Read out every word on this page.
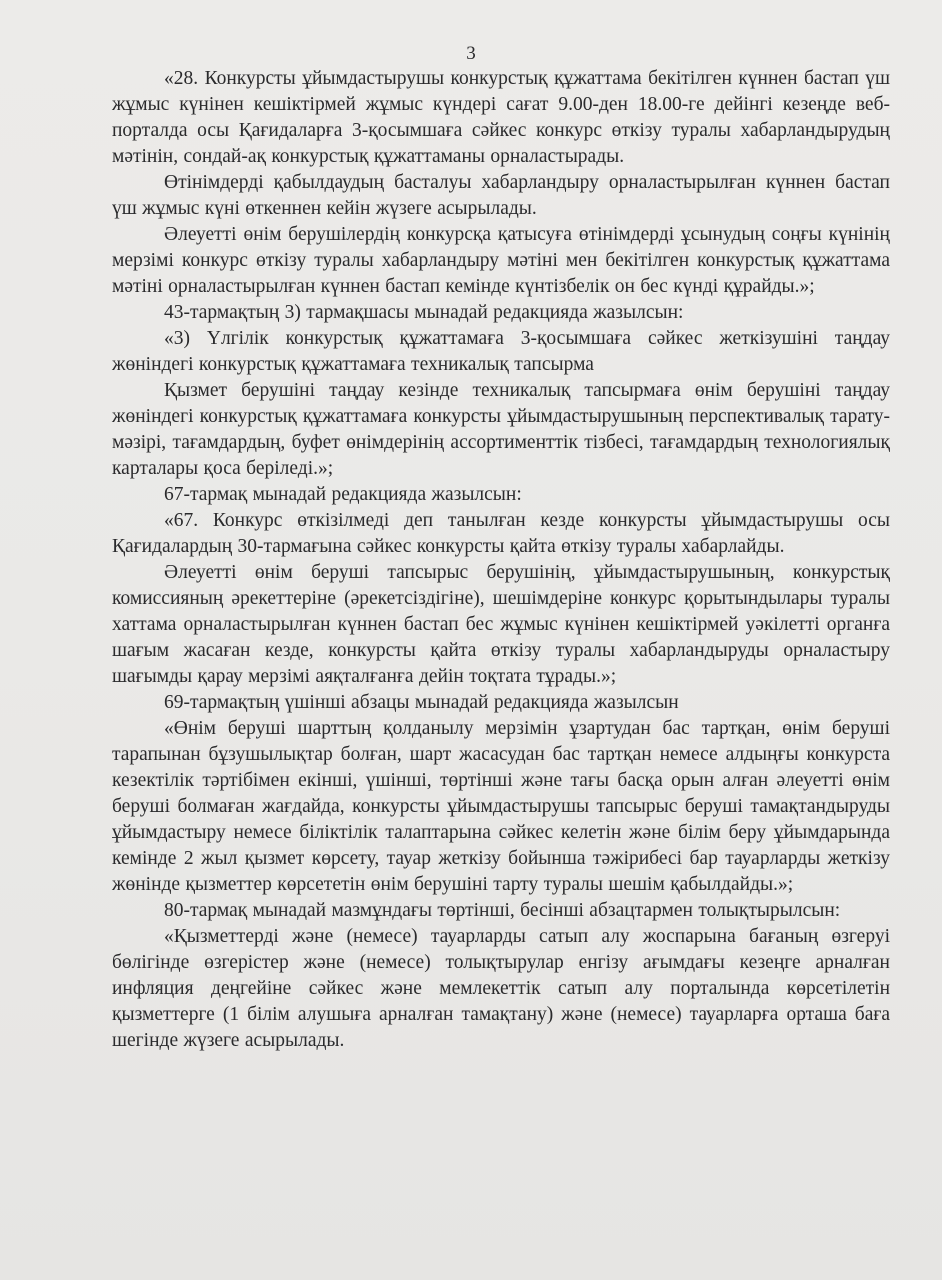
3

«28. Конкурсты ұйымдастырушы конкурстық құжаттама бекітілген күннен бастап үш жұмыс күнінен кешіктірмей жұмыс күндері сағат 9.00-ден 18.00-ге дейінгі кезеңде веб-порталда осы Қағидаларға 3-қосымшаға сәйкес конкурс өткізу туралы хабарландырудың мәтінін, сондай-ақ конкурстық құжаттаманы орналастырады.

Өтінімдерді қабылдаудың басталуы хабарландыру орналастырылған күннен бастап үш жұмыс күні өткеннен кейін жүзеге асырылады.

Әлеуетті өнім берушілердің конкурсқа қатысуға өтінімдерді ұсынудың соңғы күнінің мерзімі конкурс өткізу туралы хабарландыру мәтіні мен бекітілген конкурстық құжаттама мәтіні орналастырылған күннен бастап кемінде күнтізбелік он бес күнді құрайды.»;

43-тармақтың 3) тармақшасы мынадай редакцияда жазылсын:

«3) Үлгілік конкурстық құжаттамаға 3-қосымшаға сәйкес жеткізушіні таңдау жөніндегі конкурстық құжаттамаға техникалық тапсырма

Қызмет берушіні таңдау кезінде техникалық тапсырмаға өнім берушіні таңдау жөніндегі конкурстық құжаттамаға конкурсты ұйымдастырушының перспективалық тарату-мәзірі, тағамдардың, буфет өнімдерінің ассортименттік тізбесі, тағамдардың технологиялық карталары қоса беріледі.»;

67-тармақ мынадай редакцияда жазылсын:

«67. Конкурс өткізілмеді деп танылған кезде конкурсты ұйымдастырушы осы Қағидалардың 30-тармағына сәйкес конкурсты қайта өткізу туралы хабарлайды.

Әлеуетті өнім беруші тапсырыс берушінің, ұйымдастырушының, конкурстық комиссияның әрекеттеріне (әрекетсіздігіне), шешімдеріне конкурс қорытындылары туралы хаттама орналастырылған күннен бастап бес жұмыс күнінен кешіктірмей уәкілетті органға шағым жасаған кезде, конкурсты қайта өткізу туралы хабарландыруды орналастыру шағымды қарау мерзімі аяқталғанға дейін тоқтата тұрады.»;

69-тармақтың үшінші абзацы мынадай редакцияда жазылсын

«Өнім беруші шарттың қолданылу мерзімін ұзартудан бас тартқан, өнім беруші тарапынан бұзушылықтар болған, шарт жасасудан бас тартқан немесе алдыңғы конкурста кезектілік тәртібімен екінші, үшінші, төртінші және тағы басқа орын алған әлеуетті өнім беруші болмаған жағдайда, конкурсты ұйымдастырушы тапсырыс беруші тамақтандыруды ұйымдастыру немесе біліктілік талаптарына сәйкес келетін және білім беру ұйымдарында кемінде 2 жыл қызмет көрсету, тауар жеткізу бойынша тәжірибесі бар тауарларды жеткізу жөнінде қызметтер көрсететін өнім берушіні тарту туралы шешім қабылдайды.»;

80-тармақ мынадай мазмұндағы төртінші, бесінші абзацтармен толықтырылсын:

«Қызметтерді және (немесе) тауарларды сатып алу жоспарына бағаның өзгеруі бөлігінде өзгерістер және (немесе) толықтырулар енгізу ағымдағы кезеңге арналған инфляция деңгейіне сәйкес және мемлекеттік сатып алу порталында көрсетілетін қызметтерге (1 білім алушыға арналған тамақтану) және (немесе) тауарларға орташа баға шегінде жүзеге асырылады.
